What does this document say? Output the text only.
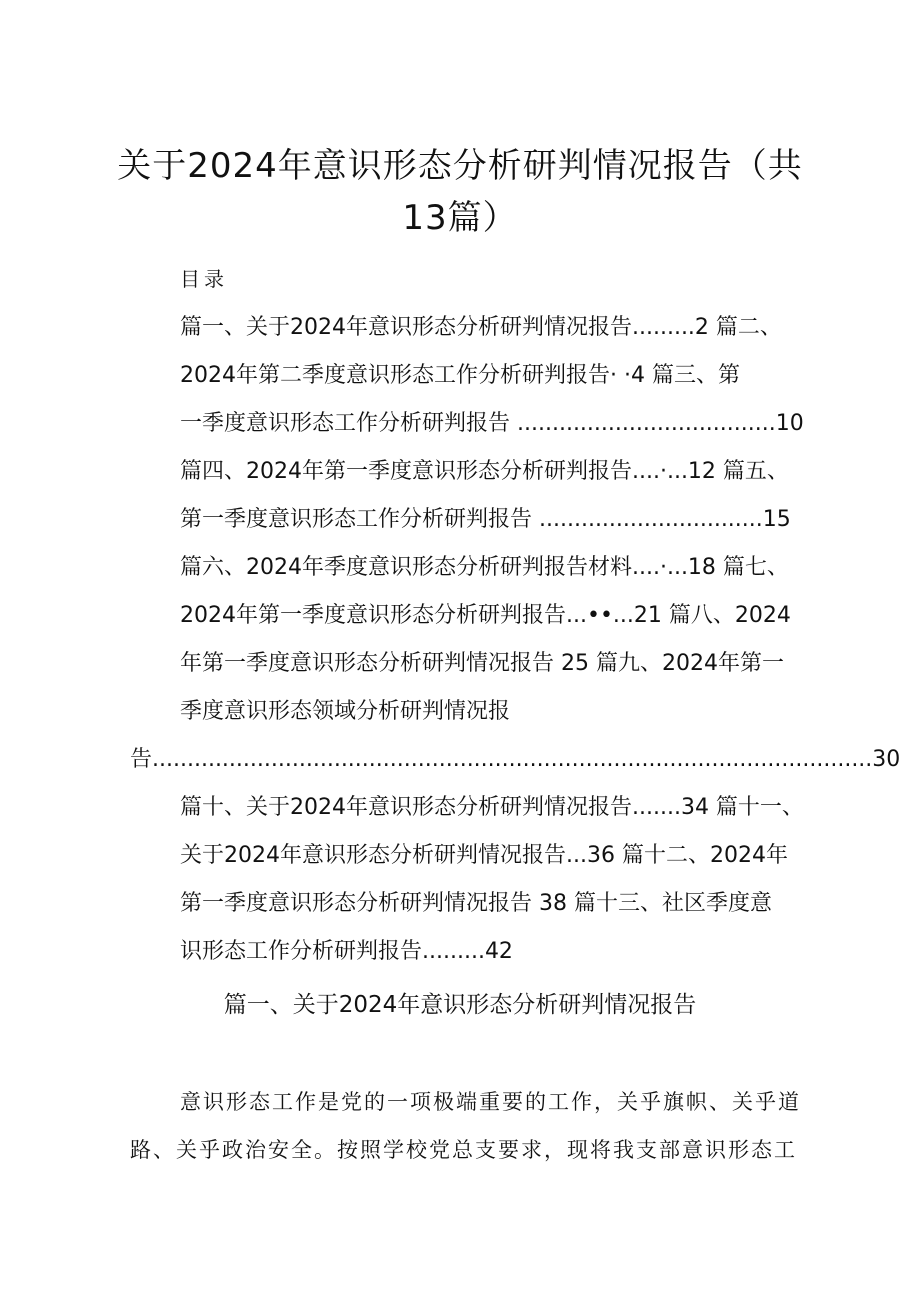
关于2024年意识形态分析研判情况报告（共
13篇）
目录
篇一、关于2024年意识形态分析研判情况报告.........2 篇二、
2024年第二季度意识形态工作分析研判报告· ·4 篇三、第
一季度意识形态工作分析研判报告 .....................................10
篇四、2024年第一季度意识形态分析研判报告....·...12 篇五、
第一季度意识形态工作分析研判报告 ................................15
篇六、2024年季度意识形态分析研判报告材料....·...18 篇七、
2024年第一季度意识形态分析研判报告...••...21 篇八、2024
年第一季度意识形态分析研判情况报告 25 篇九、2024年第一
季度意识形态领域分析研判情况报
告.......................................................................................................30
篇十、关于2024年意识形态分析研判情况报告.......34 篇十一、
关于2024年意识形态分析研判情况报告...36 篇十二、2024年
第一季度意识形态分析研判情况报告 38 篇十三、社区季度意
识形态工作分析研判报告.........42
篇一、关于2024年意识形态分析研判情况报告
意识形态工作是党的一项极端重要的工作，关乎旗帜、关乎道
路、关乎政治安全。按照学校党总支要求，现将我支部意识形态工
